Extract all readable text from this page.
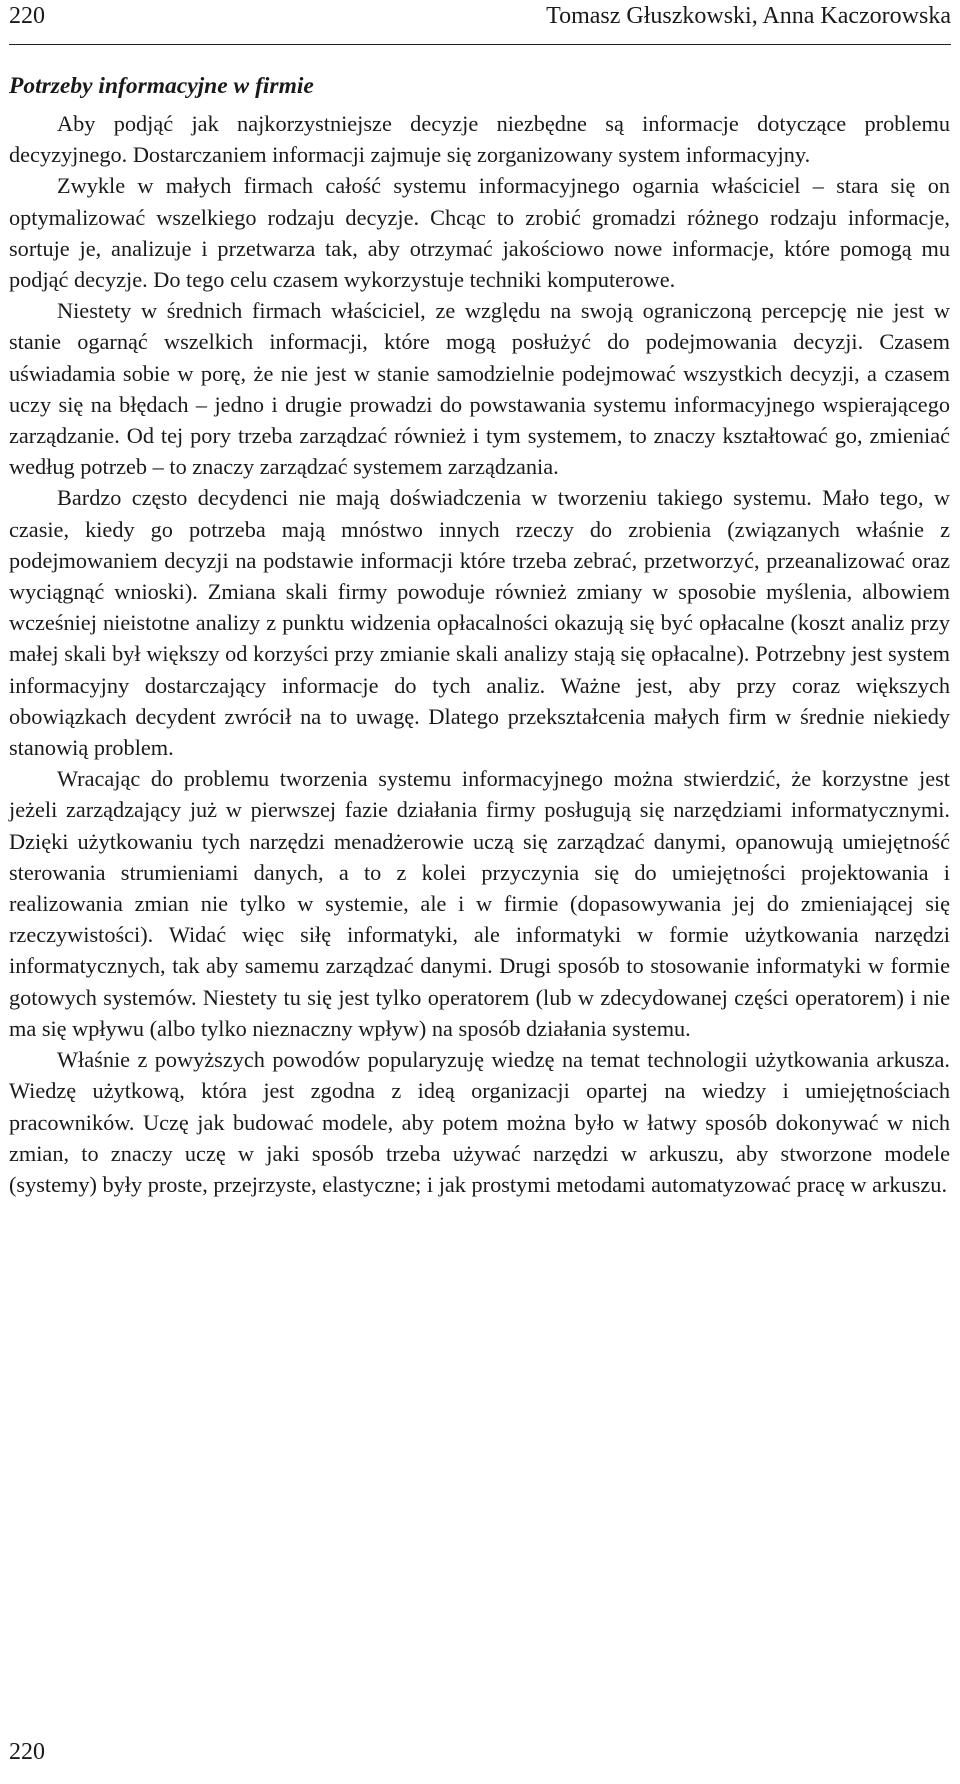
220	Tomasz Głuszkowski, Anna Kaczorowska
Potrzeby informacyjne w firmie

Aby podjąć jak najkorzystniejsze decyzje niezbędne są informacje dotyczące problemu decyzyjnego. Dostarczaniem informacji zajmuje się zorganizowany system informacyjny.

Zwykle w małych firmach całość systemu informacyjnego ogarnia właściciel – stara się on optymalizować wszelkiego rodzaju decyzje. Chcąc to zrobić gromadzi różnego rodzaju informacje, sortuje je, analizuje i przetwarza tak, aby otrzymać jakościowo nowe informacje, które pomogą mu podjąć decyzje. Do tego celu czasem wykorzystuje techniki komputerowe.

Niestety w średnich firmach właściciel, ze względu na swoją ograniczoną percepcję nie jest w stanie ogarnąć wszelkich informacji, które mogą posłużyć do podejmowania decyzji. Czasem uświadamia sobie w porę, że nie jest w stanie samodzielnie podejmować wszystkich decyzji, a czasem uczy się na błędach – jedno i drugie prowadzi do powstawania systemu informacyjnego wspierającego zarządzanie. Od tej pory trzeba zarządzać również i tym systemem, to znaczy kształtować go, zmieniać według potrzeb – to znaczy zarządzać systemem zarządzania.

Bardzo często decydenci nie mają doświadczenia w tworzeniu takiego systemu. Mało tego, w czasie, kiedy go potrzeba mają mnóstwo innych rzeczy do zrobienia (związanych właśnie z podejmowaniem decyzji na podstawie informacji które trzeba zebrać, przetworzyć, przeanalizować oraz wyciągnąć wnioski). Zmiana skali firmy powoduje również zmiany w sposobie myślenia, albowiem wcześniej nieistotne analizy z punktu widzenia opłacalności okazują się być opłacalne (koszt analiz przy małej skali był większy od korzyści przy zmianie skali analizy stają się opłacalne). Potrzebny jest system informacyjny dostarczający informacje do tych analiz. Ważne jest, aby przy coraz większych obowiązkach decydent zwrócił na to uwagę. Dlatego przekształcenia małych firm w średnie niekiedy stanowią problem.

Wracając do problemu tworzenia systemu informacyjnego można stwierdzić, że korzystne jest jeżeli zarządzający już w pierwszej fazie działania firmy posługują się narzędziami informatycznymi. Dzięki użytkowaniu tych narzędzi menadżerowie uczą się zarządzać danymi, opanowują umiejętność sterowania strumieniami danych, a to z kolei przyczynia się do umiejętności projektowania i realizowania zmian nie tylko w systemie, ale i w firmie (dopasowywania jej do zmieniającej się rzeczywistości). Widać więc siłę informatyki, ale informatyki w formie użytkowania narzędzi informatycznych, tak aby samemu zarządzać danymi. Drugi sposób to stosowanie informatyki w formie gotowych systemów. Niestety tu się jest tylko operatorem (lub w zdecydowanej części operatorem) i nie ma się wpływu (albo tylko nieznaczny wpływ) na sposób działania systemu.

Właśnie z powyższych powodów popularyzuję wiedzę na temat technologii użytkowania arkusza. Wiedzę użytkową, która jest zgodna z ideą organizacji opartej na wiedzy i umiejętnościach pracowników. Uczę jak budować modele, aby potem można było w łatwy sposób dokonywać w nich zmian, to znaczy uczę w jaki sposób trzeba używać narzędzi w arkuszu, aby stworzone modele (systemy) były proste, przejrzyste, elastyczne; i jak prostymi metodami automatyzować pracę w arkuszu.

220
